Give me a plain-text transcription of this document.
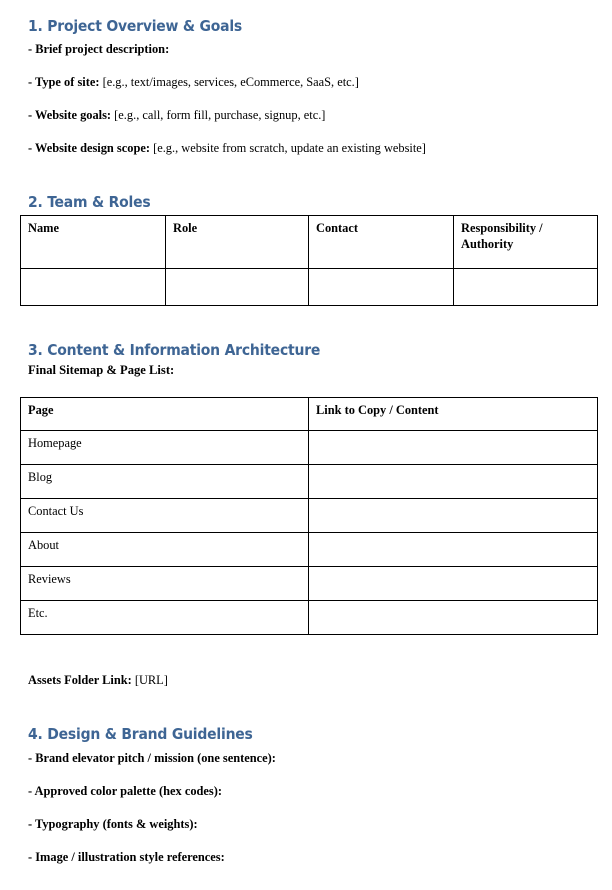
1. Project Overview & Goals
- Brief project description:
- Type of site: [e.g., text/images, services, eCommerce, SaaS, etc.]
- Website goals: [e.g., call, form fill, purchase, signup, etc.]
- Website design scope: [e.g., website from scratch, update an existing website]
2. Team & Roles
Name	Role	Contact	Responsibility / Authority

3. Content & Information Architecture
Final Sitemap & Page List:
Page	Link to Copy / Content
Homepage	
Blog	
Contact Us	
About	
Reviews	
Etc.	
Assets Folder Link: [URL]
4. Design & Brand Guidelines
- Brand elevator pitch / mission (one sentence):
- Approved color palette (hex codes):
- Typography (fonts & weights):
- Image / illustration style references:
